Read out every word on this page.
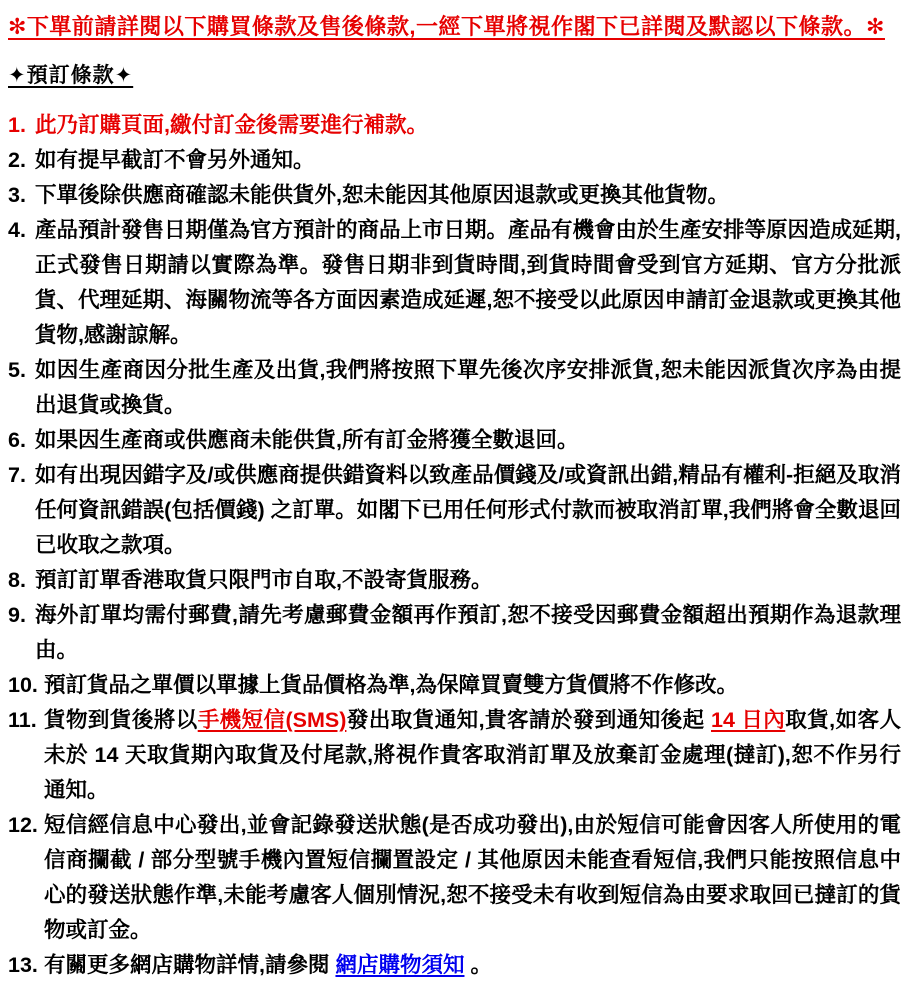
✻下單前請詳閱以下購買條款及售後條款,一經下單將視作閣下已詳閱及默認以下條款。✻
✦預訂條款✦
1. 此乃訂購頁面,繳付訂金後需要進行補款。
2. 如有提早截訂不會另外通知。
3. 下單後除供應商確認未能供貨外,恕未能因其他原因退款或更換其他貨物。
4. 產品預計發售日期僅為官方預計的商品上市日期。產品有機會由於生產安排等原因造成延期,正式發售日期請以實際為準。發售日期非到貨時間,到貨時間會受到官方延期、官方分批派貨、代理延期、海關物流等各方面因素造成延遲,恕不接受以此原因申請訂金退款或更換其他貨物,感謝諒解。
5. 如因生產商因分批生產及出貨,我們將按照下單先後次序安排派貨,恕未能因派貨次序為由提出退貨或換貨。
6. 如果因生產商或供應商未能供貨,所有訂金將獲全數退回。
7. 如有出現因錯字及/或供應商提供錯資料以致產品價錢及/或資訊出錯,精品有權利-拒絕及取消任何資訊錯誤(包括價錢) 之訂單。如閣下已用任何形式付款而被取消訂單,我們將會全數退回已收取之款項。
8. 預訂訂單香港取貨只限門市自取,不設寄貨服務。
9. 海外訂單均需付郵費,請先考慮郵費金額再作預訂,恕不接受因郵費金額超出預期作為退款理由。
10. 預訂貨品之單價以單據上貨品價格為準,為保障買賣雙方貨價將不作修改。
11. 貨物到貨後將以手機短信(SMS)發出取貨通知,貴客請於發到通知後起 14 日內取貨,如客人未於 14 天取貨期內取貨及付尾款,將視作貴客取消訂單及放棄訂金處理(撻訂),恕不作另行通知。
12. 短信經信息中心發出,並會記錄發送狀態(是否成功發出),由於短信可能會因客人所使用的電信商攔截 / 部分型號手機內置短信攔置設定 / 其他原因未能查看短信,我們只能按照信息中心的發送狀態作準,未能考慮客人個別情況,恕不接受未有收到短信為由要求取回已撻訂的貨物或訂金。
13. 有關更多網店購物詳情,請參閱 網店購物須知 。
